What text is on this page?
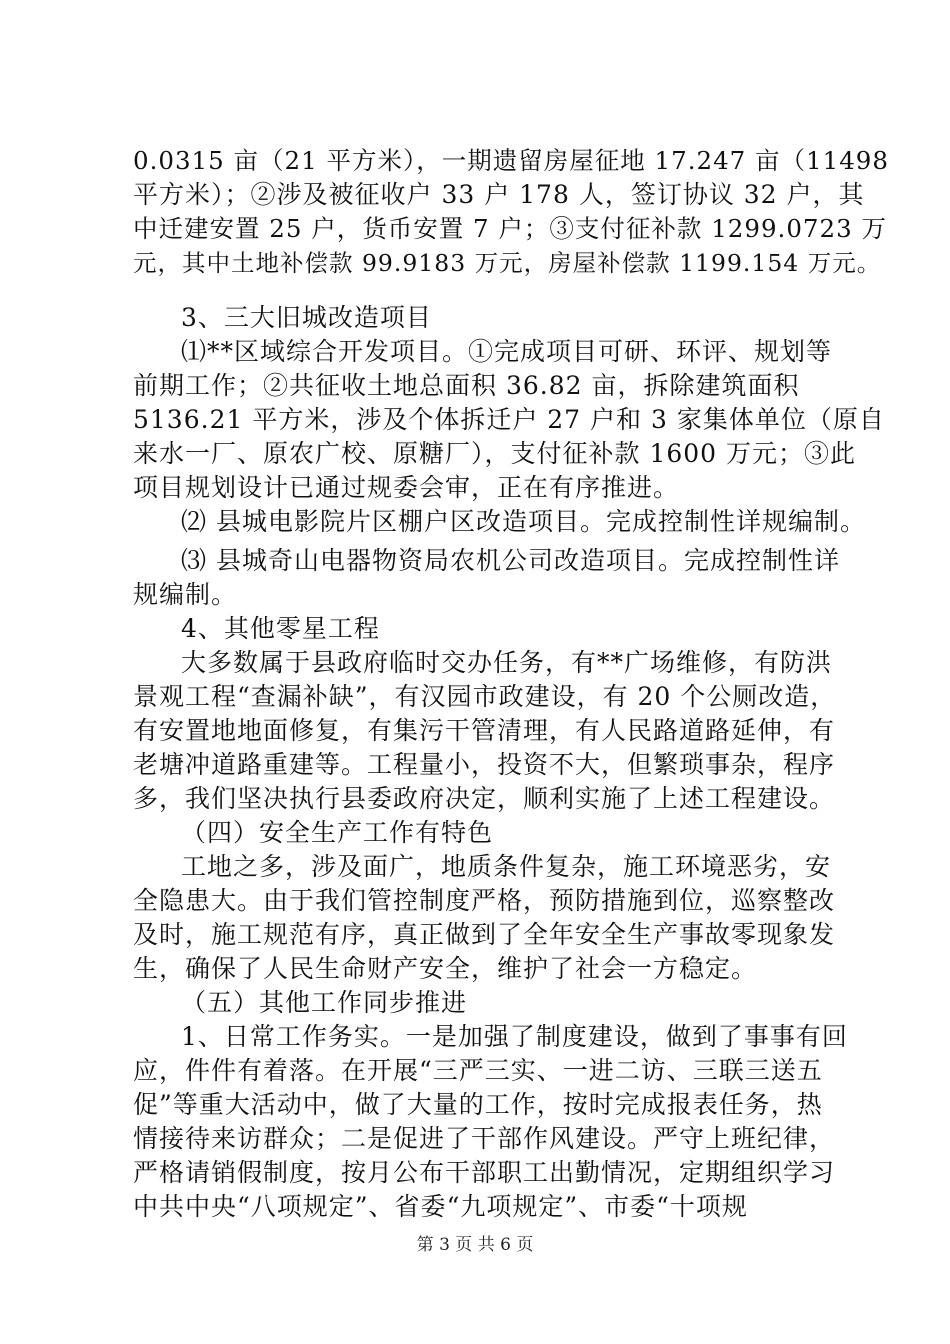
0.0315 亩（21 平方米），一期遗留房屋征地 17.247 亩（11498
平方米）；②涉及被征收户 33 户 178 人，签订协议 32 户，其
中迁建安置 25 户，货币安置 7 户；③支付征补款 1299.0723 万
元，其中土地补偿款 99.9183 万元，房屋补偿款 1199.154 万元。
3、三大旧城改造项目
⑴**区域综合开发项目。①完成项目可研、环评、规划等
前期工作；②共征收土地总面积 36.82 亩，拆除建筑面积
5136.21 平方米，涉及个体拆迁户 27 户和 3 家集体单位（原自
来水一厂、原农广校、原糖厂），支付征补款 1600 万元；③此
项目规划设计已通过规委会审，正在有序推进。
⑵ 县城电影院片区棚户区改造项目。完成控制性详规编制。
⑶ 县城奇山电器物资局农机公司改造项目。完成控制性详
规编制。
4、其他零星工程
大多数属于县政府临时交办任务，有**广场维修，有防洪
景观工程“查漏补缺”，有汉园市政建设，有 20 个公厕改造，
有安置地地面修复，有集污干管清理，有人民路道路延伸，有
老塘冲道路重建等。工程量小，投资不大，但繁琐事杂，程序
多，我们坚决执行县委政府决定，顺利实施了上述工程建设。
（四）安全生产工作有特色
工地之多，涉及面广，地质条件复杂，施工环境恶劣，安
全隐患大。由于我们管控制度严格，预防措施到位，巡察整改
及时，施工规范有序，真正做到了全年安全生产事故零现象发
生，确保了人民生命财产安全，维护了社会一方稳定。
（五）其他工作同步推进
1、日常工作务实。一是加强了制度建设，做到了事事有回
应，件件有着落。在开展“三严三实、一进二访、三联三送五
促”等重大活动中，做了大量的工作，按时完成报表任务，热
情接待来访群众；二是促进了干部作风建设。严守上班纪律，
严格请销假制度，按月公布干部职工出勤情况，定期组织学习
中共中央“八项规定”、省委“九项规定”、市委“十项规
第 3 页 共 6 页
